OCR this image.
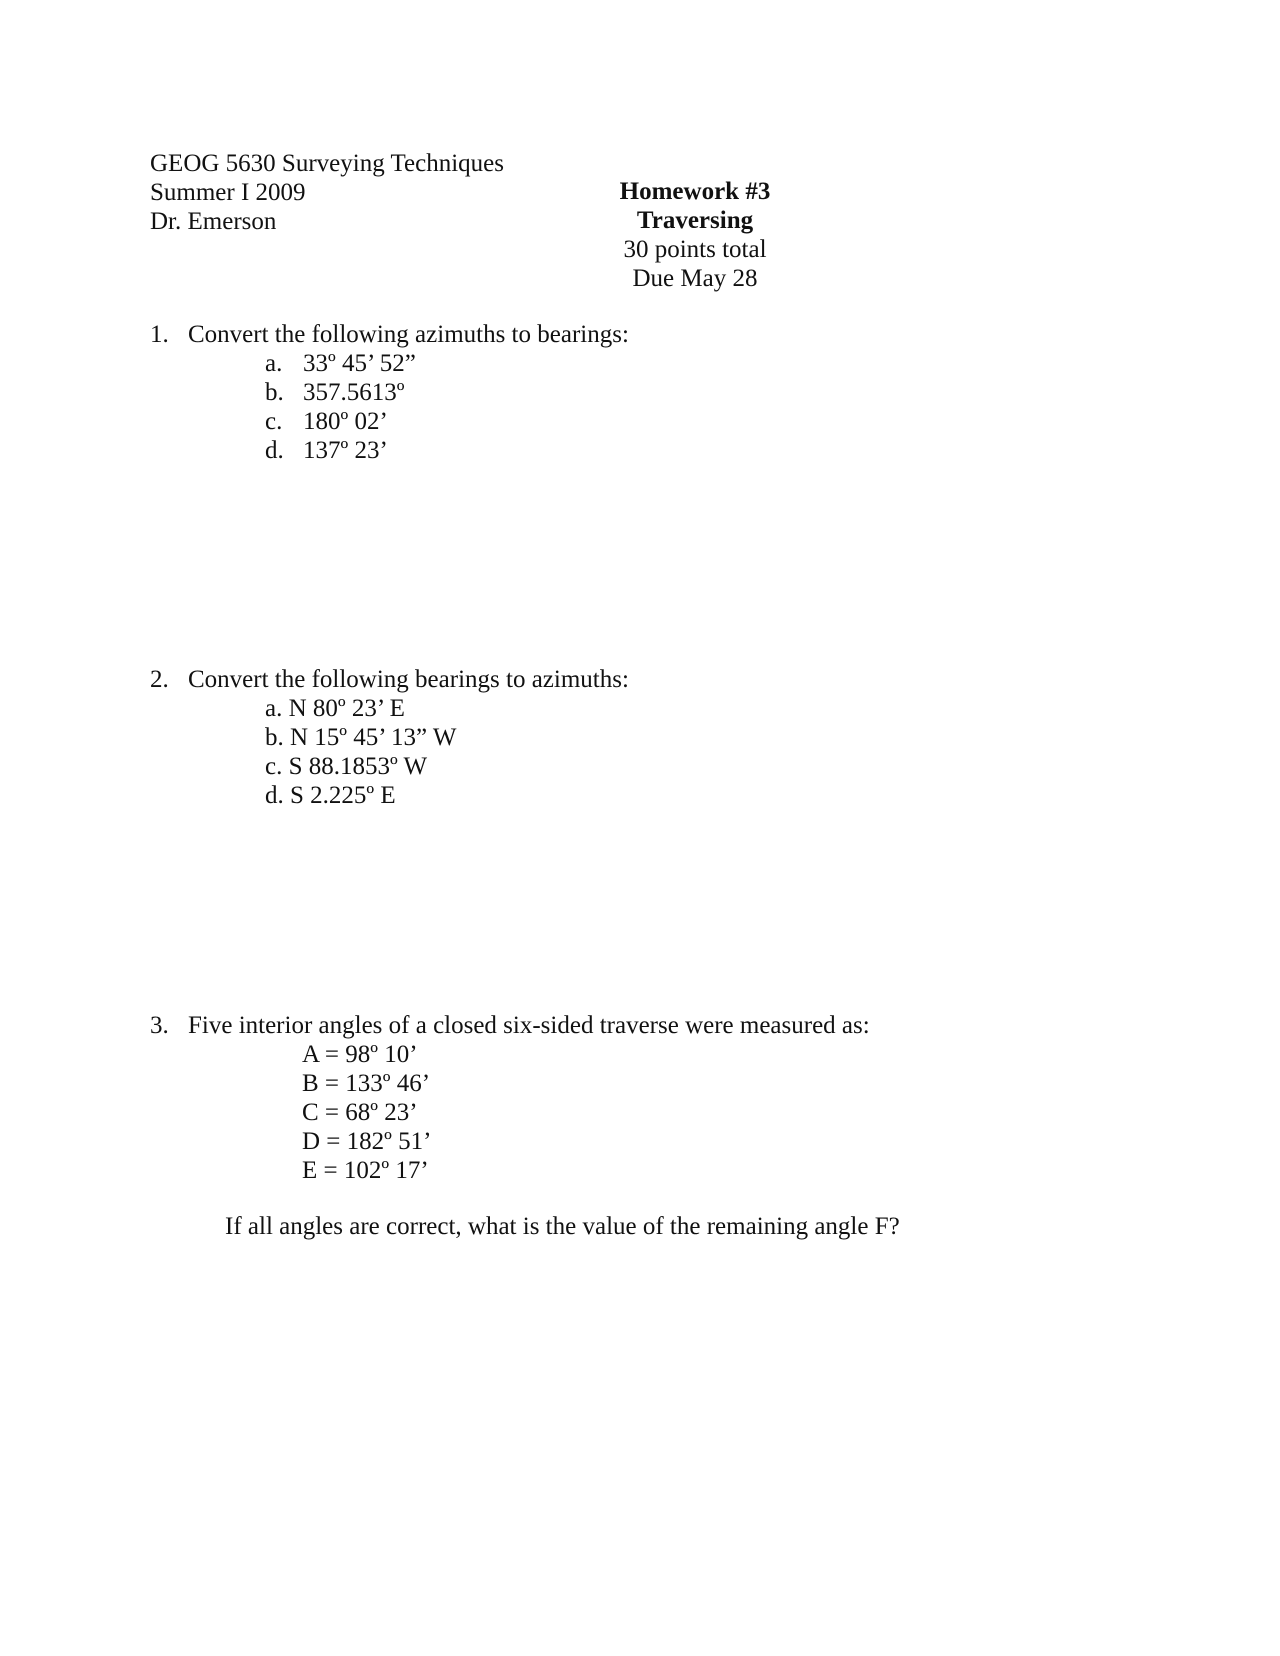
GEOG 5630 Surveying Techniques
Summer I 2009
Dr. Emerson
Homework #3
Traversing
30 points total
Due May 28
1. Convert the following azimuths to bearings:
a. 33º 45’ 52”
b. 357.5613º
c. 180º 02’
d. 137º 23’
2. Convert the following bearings to azimuths:
a. N 80º 23’ E
b. N 15º 45’ 13” W
c. S 88.1853º W
d. S 2.225º E
3. Five interior angles of a closed six-sided traverse were measured as:
A = 98º 10’
B = 133º 46’
C = 68º 23’
D = 182º 51’
E = 102º 17’
If all angles are correct, what is the value of the remaining angle F?
